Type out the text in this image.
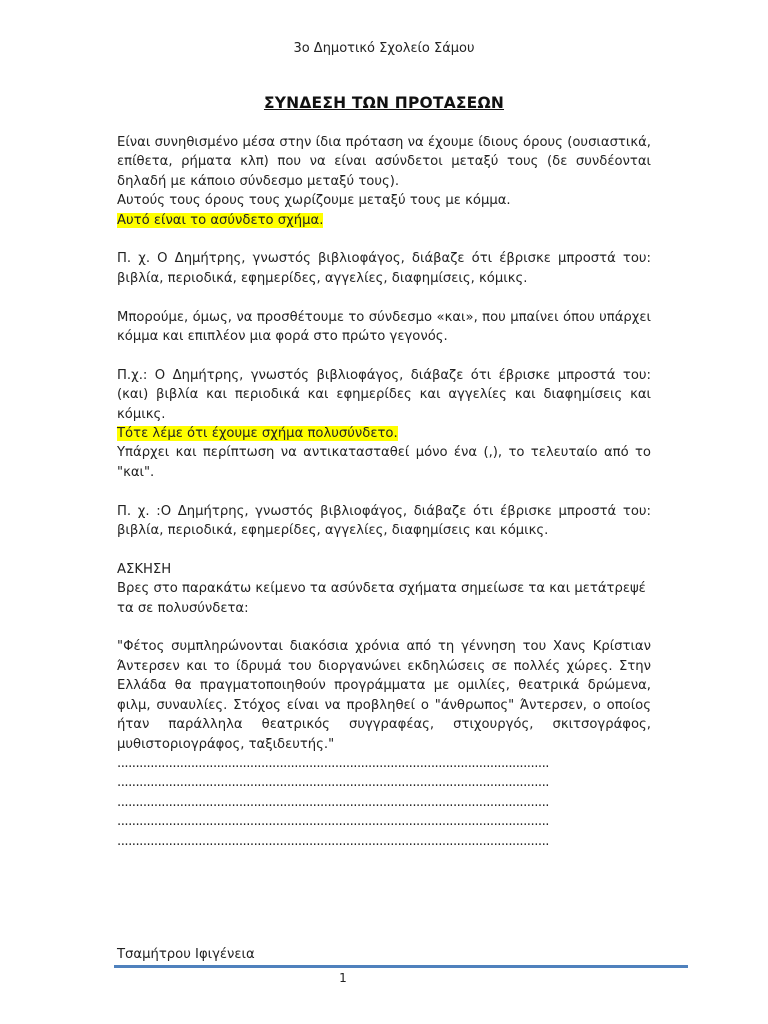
3ο Δημοτικό Σχολείο Σάμου
ΣΥΝΔΕΣΗ ΤΩΝ ΠΡΟΤΑΣΕΩΝ

Είναι συνηθισμένο μέσα στην ίδια πρόταση να έχουμε ίδιους όρους (ουσιαστικά, επίθετα, ρήματα κλπ) που να είναι ασύνδετοι μεταξύ τους (δε συνδέονται δηλαδή με κάποιο σύνδεσμο μεταξύ τους).

Αυτούς τους όρους τους χωρίζουμε μεταξύ τους με κόμμα.

Αυτό είναι το ασύνδετο σχήμα.

Π. χ. Ο Δημήτρης, γνωστός βιβλιοφάγος, διάβαζε ότι έβρισκε μπροστά του: βιβλία, περιοδικά, εφημερίδες, αγγελίες, διαφημίσεις, κόμικς.

Μπορούμε, όμως, να προσθέτουμε το σύνδεσμο «και», που μπαίνει όπου υπάρχει κόμμα και επιπλέον μια φορά στο πρώτο γεγονός.

Π.χ.: Ο Δημήτρης, γνωστός βιβλιοφάγος, διάβαζε ότι έβρισκε μπροστά του: (και) βιβλία και περιοδικά και εφημερίδες και αγγελίες και διαφημίσεις και κόμικς.

Τότε λέμε ότι έχουμε σχήμα πολυσύνδετο.

Υπάρχει και περίπτωση να αντικατασταθεί μόνο ένα (,), το τελευταίο από το "και".

Π. χ. :Ο Δημήτρης, γνωστός βιβλιοφάγος, διάβαζε ότι έβρισκε μπροστά του: βιβλία, περιοδικά, εφημερίδες, αγγελίες, διαφημίσεις και κόμικς.

ΑΣΚΗΣΗ

Βρες στο παρακάτω κείμενο τα ασύνδετα σχήματα σημείωσε τα και μετάτρεψέ τα σε πολυσύνδετα:

"Φέτος συμπληρώνονται διακόσια χρόνια από τη γέννηση του Χανς Κρίστιαν Άντερσεν και το ίδρυμά του διοργανώνει εκδηλώσεις σε πολλές χώρες. Στην Ελλάδα θα πραγματοποιηθούν προγράμματα με ομιλίες, θεατρικά δρώμενα, φιλμ, συναυλίες. Στόχος είναι να προβληθεί ο "άνθρωπος" Άντερσεν, ο οποίος ήταν παράλληλα θεατρικός συγγραφέας, στιχουργός, σκιτσογράφος, μυθιστοριογράφος, ταξιδευτής."

.....................................................................................................................

.....................................................................................................................

.....................................................................................................................

.....................................................................................................................

.....................................................................................................................

Τσαμήτρου Ιφιγένεια
1
